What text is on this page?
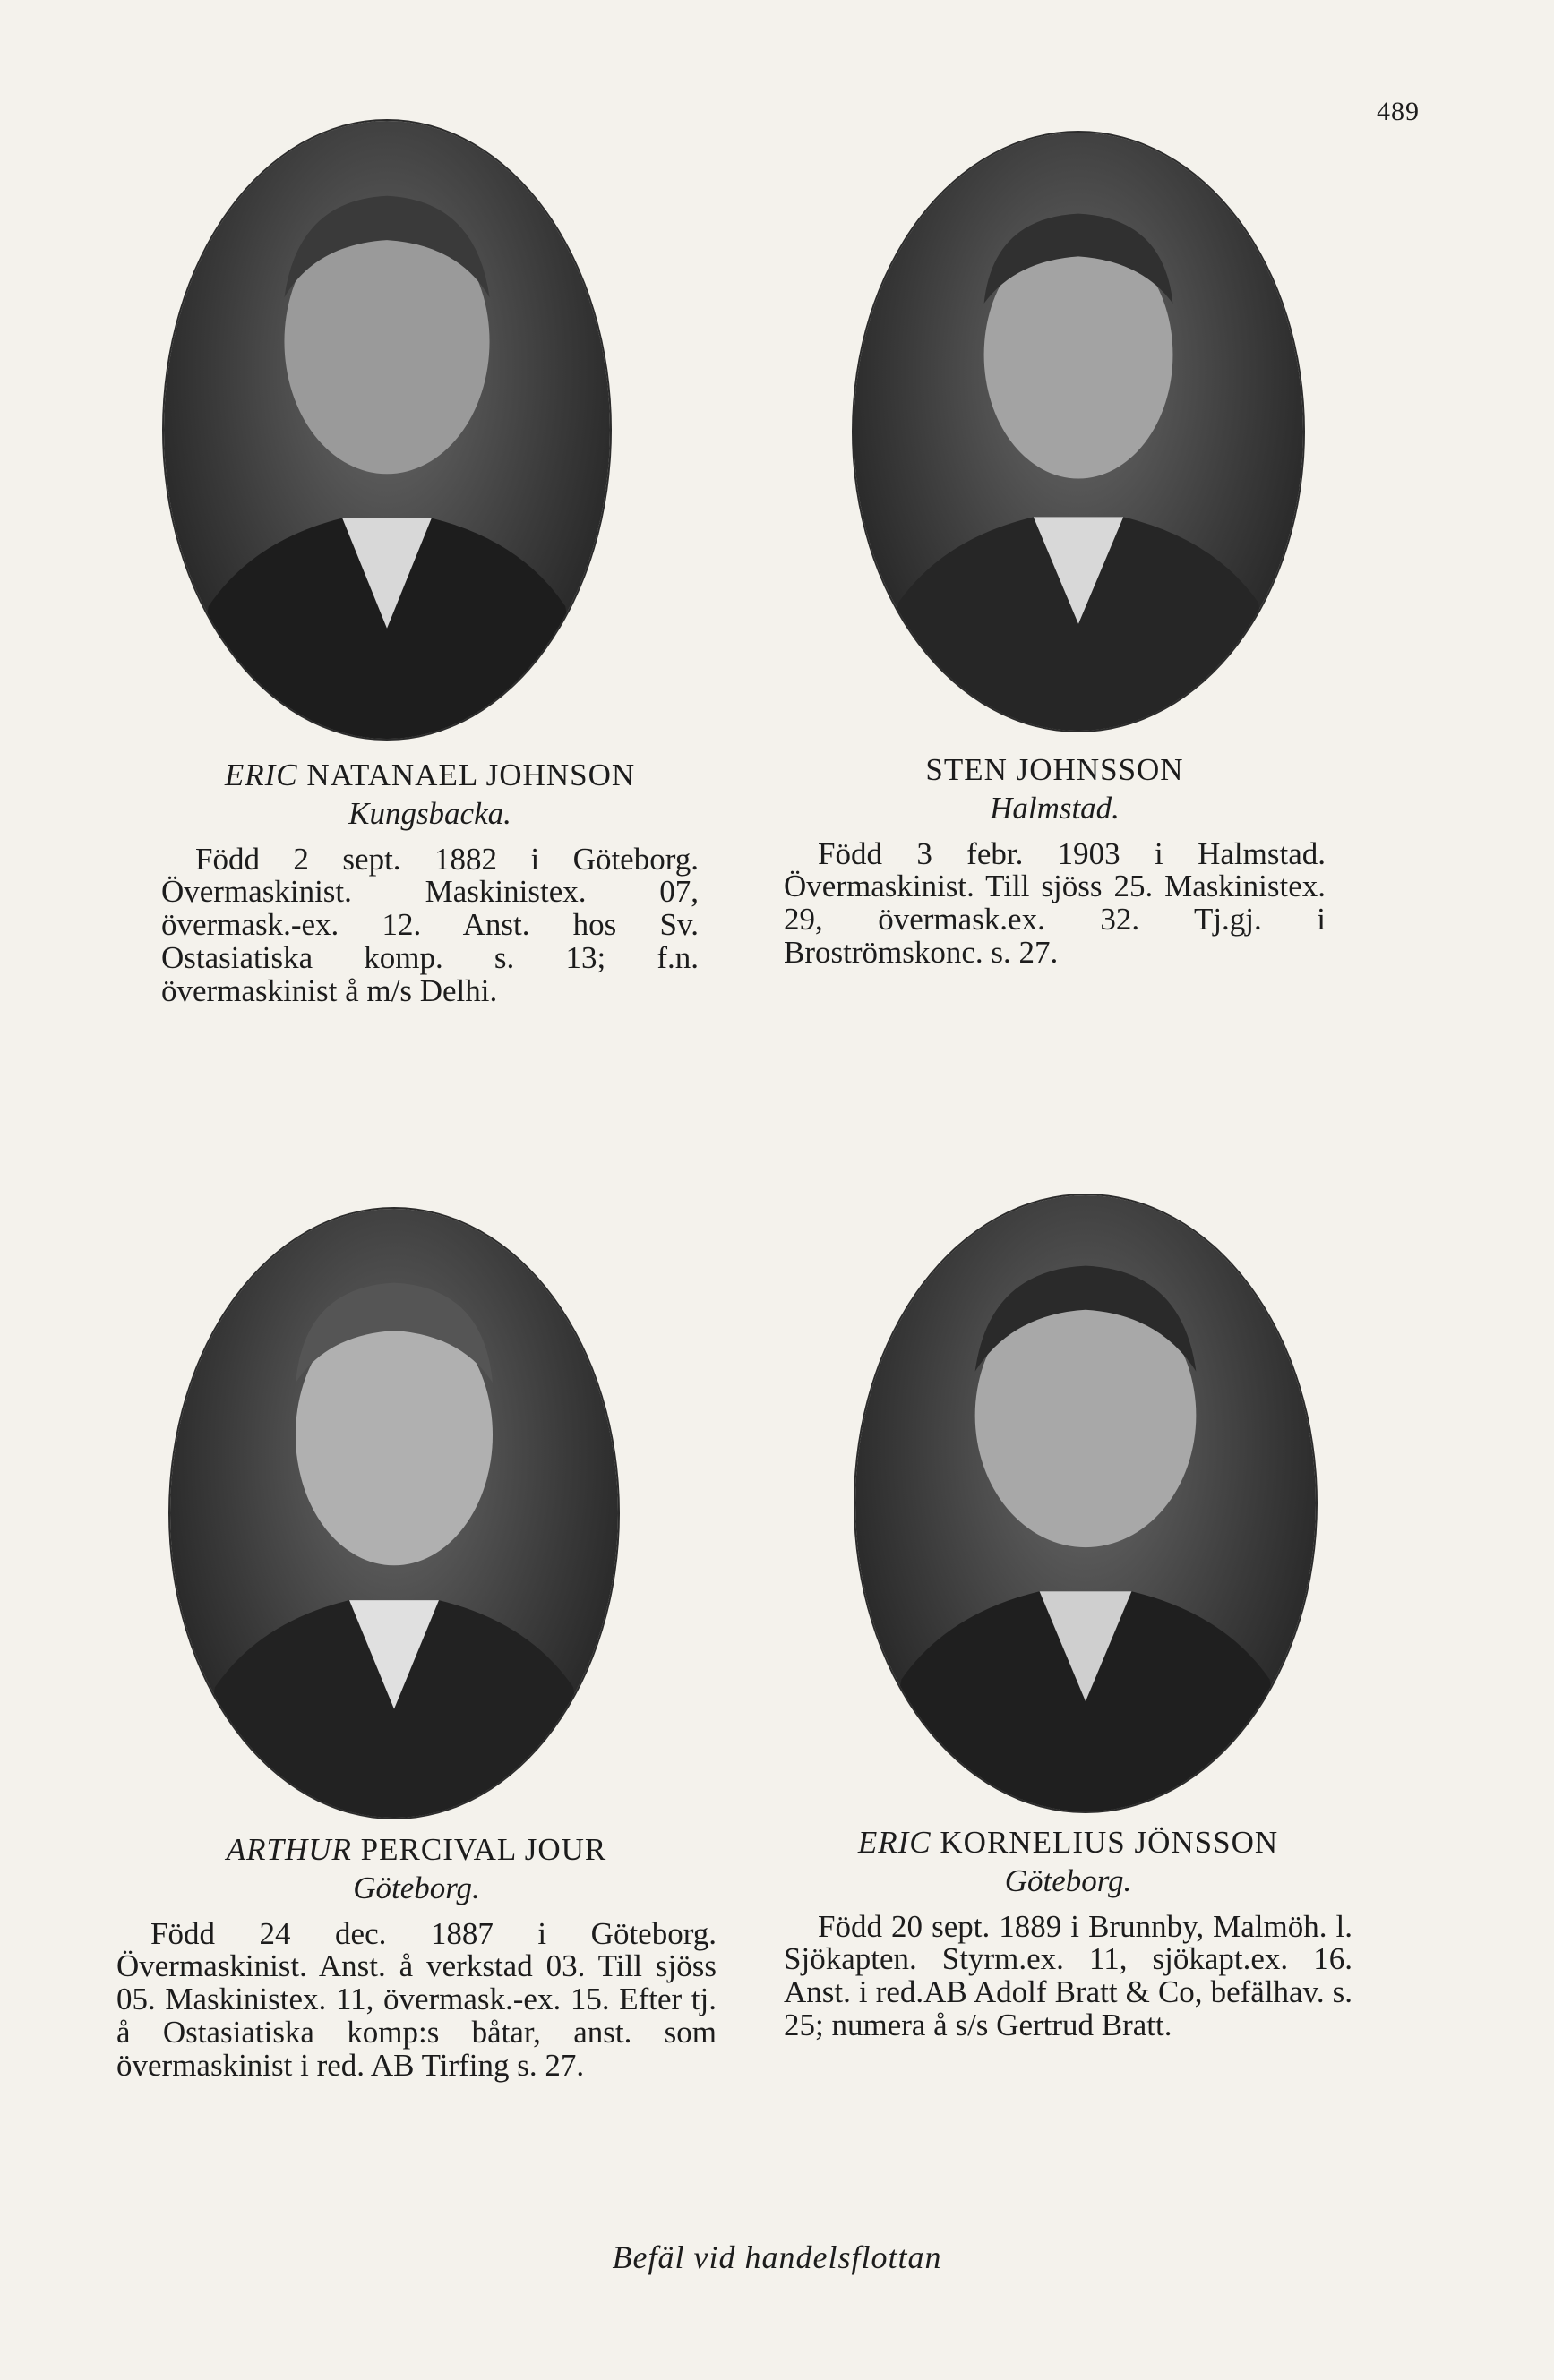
489
ERIC NATANAEL JOHNSON
Kungsbacka.
Född 2 sept. 1882 i Göteborg. Övermaskinist. Maskinistex. 07, övermask.-ex. 12. Anst. hos Sv. Ostasiatiska komp. s. 13; f.n. övermaskinist å m/s Delhi.
STEN JOHNSSON
Halmstad.
Född 3 febr. 1903 i Halmstad. Övermaskinist. Till sjöss 25. Maskinistex. 29, övermask.ex. 32. Tj.gj. i Broströmskonc. s. 27.
ARTHUR PERCIVAL JOUR
Göteborg.
Född 24 dec. 1887 i Göteborg. Övermaskinist. Anst. å verkstad 03. Till sjöss 05. Maskinistex. 11, övermask.-ex. 15. Efter tj. å Ostasiatiska komp:s båtar, anst. som övermaskinist i red. AB Tirfing s. 27.
ERIC KORNELIUS JÖNSSON
Göteborg.
Född 20 sept. 1889 i Brunnby, Malmöh. l. Sjökapten. Styrm.ex. 11, sjökapt.ex. 16. Anst. i red.AB Adolf Bratt & Co, befälhav. s. 25; numera å s/s Gertrud Bratt.
Befäl vid handelsflottan
